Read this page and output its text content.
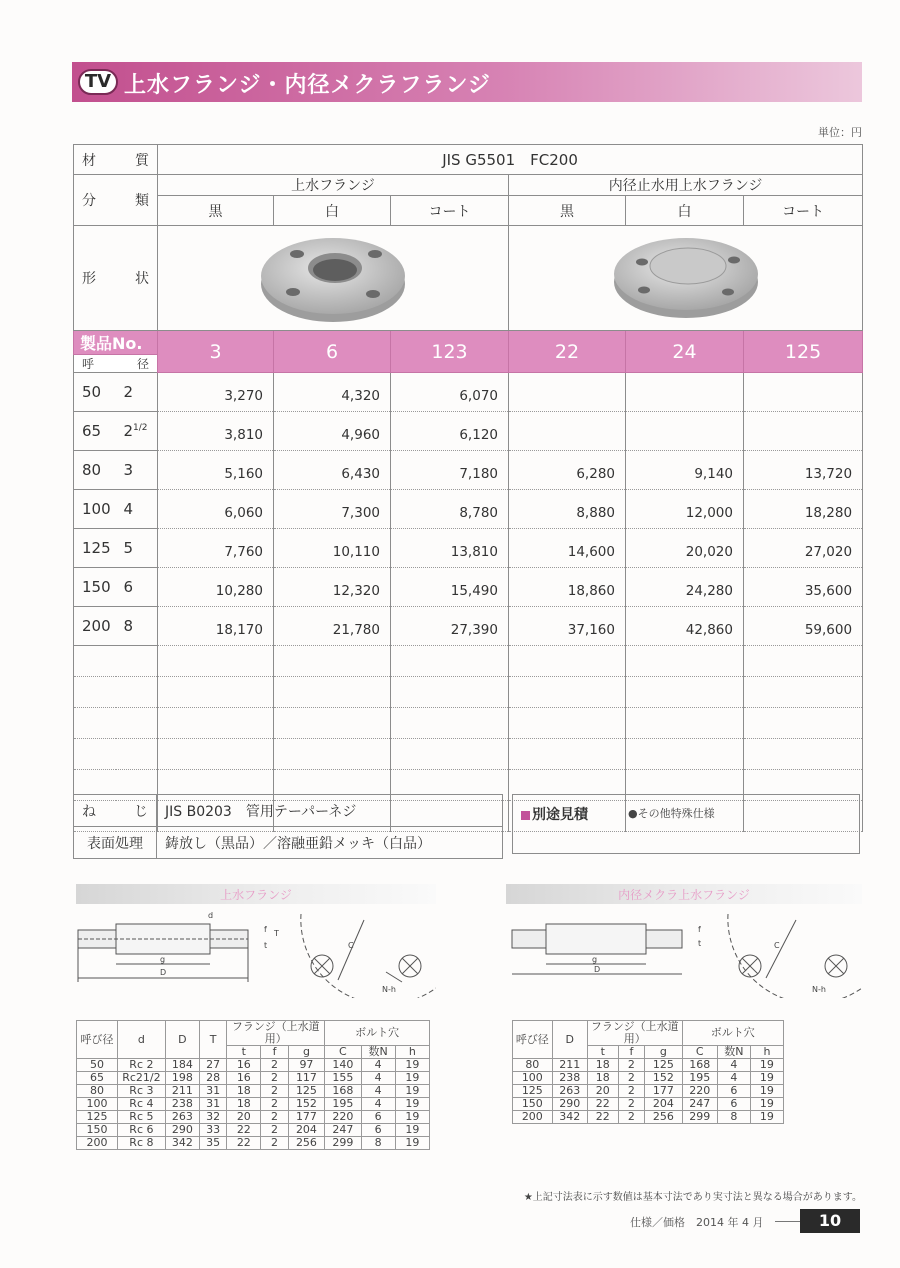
TV 上水フランジ・内径メクラフランジ
単位：円
材 質		JIS G5501　FC200					

分 類		上水フランジ			内径止水用上水フランジ		
		黒	白	コート	黒	白	コート

形 状

製品No.		3	6	123	22	24	125

呼 径							

50	2	3,270	4,320	6,070			
65	$2^{1/2}$	3,810	4,960	6,120			
80	3	5,160	6,430	7,180	6,280	9,140	13,720
100	4	6,060	7,300	8,780	8,880	12,000	18,280
125	5	7,760	10,110	13,810	14,600	20,020	27,020
150	6	10,280	12,320	15,490	18,860	24,280	35,600
200	8	18,170	21,780	27,390	37,160	42,860	59,600

ね じ	JIS B0203　管用テーパーネジ
表面処理	鋳放し（黒品）／溶融亜鉛メッキ（白品）
別途見積	●その他特殊仕様
上水フランジ
d
g
D
C
N-h
t
T
f
内径メクラ上水フランジ
g
D
C
N-h
t
f
呼び径	d	D	T	フランジ（上水道用）			ボルト穴		
				t	f	g	C	数N	h
50	Rc 2	184	27	16	2	97	140	4	19
65	Rc21/2	198	28	16	2	117	155	4	19
80	Rc 3	211	31	18	2	125	168	4	19
100	Rc 4	238	31	18	2	152	195	4	19
125	Rc 5	263	32	20	2	177	220	6	19
150	Rc 6	290	33	22	2	204	247	6	19
200	Rc 8	342	35	22	2	256	299	8	19
呼び径	D	フランジ（上水道用）			ボルト穴		
		t	f	g	C	数N	h
80	211	18	2	125	168	4	19
100	238	18	2	152	195	4	19
125	263	20	2	177	220	6	19
150	290	22	2	204	247	6	19
200	342	22	2	256	299	8	19
★上記寸法表に示す数値は基本寸法であり実寸法と異なる場合があります。
仕様／価格　2014 年 4 月	10
